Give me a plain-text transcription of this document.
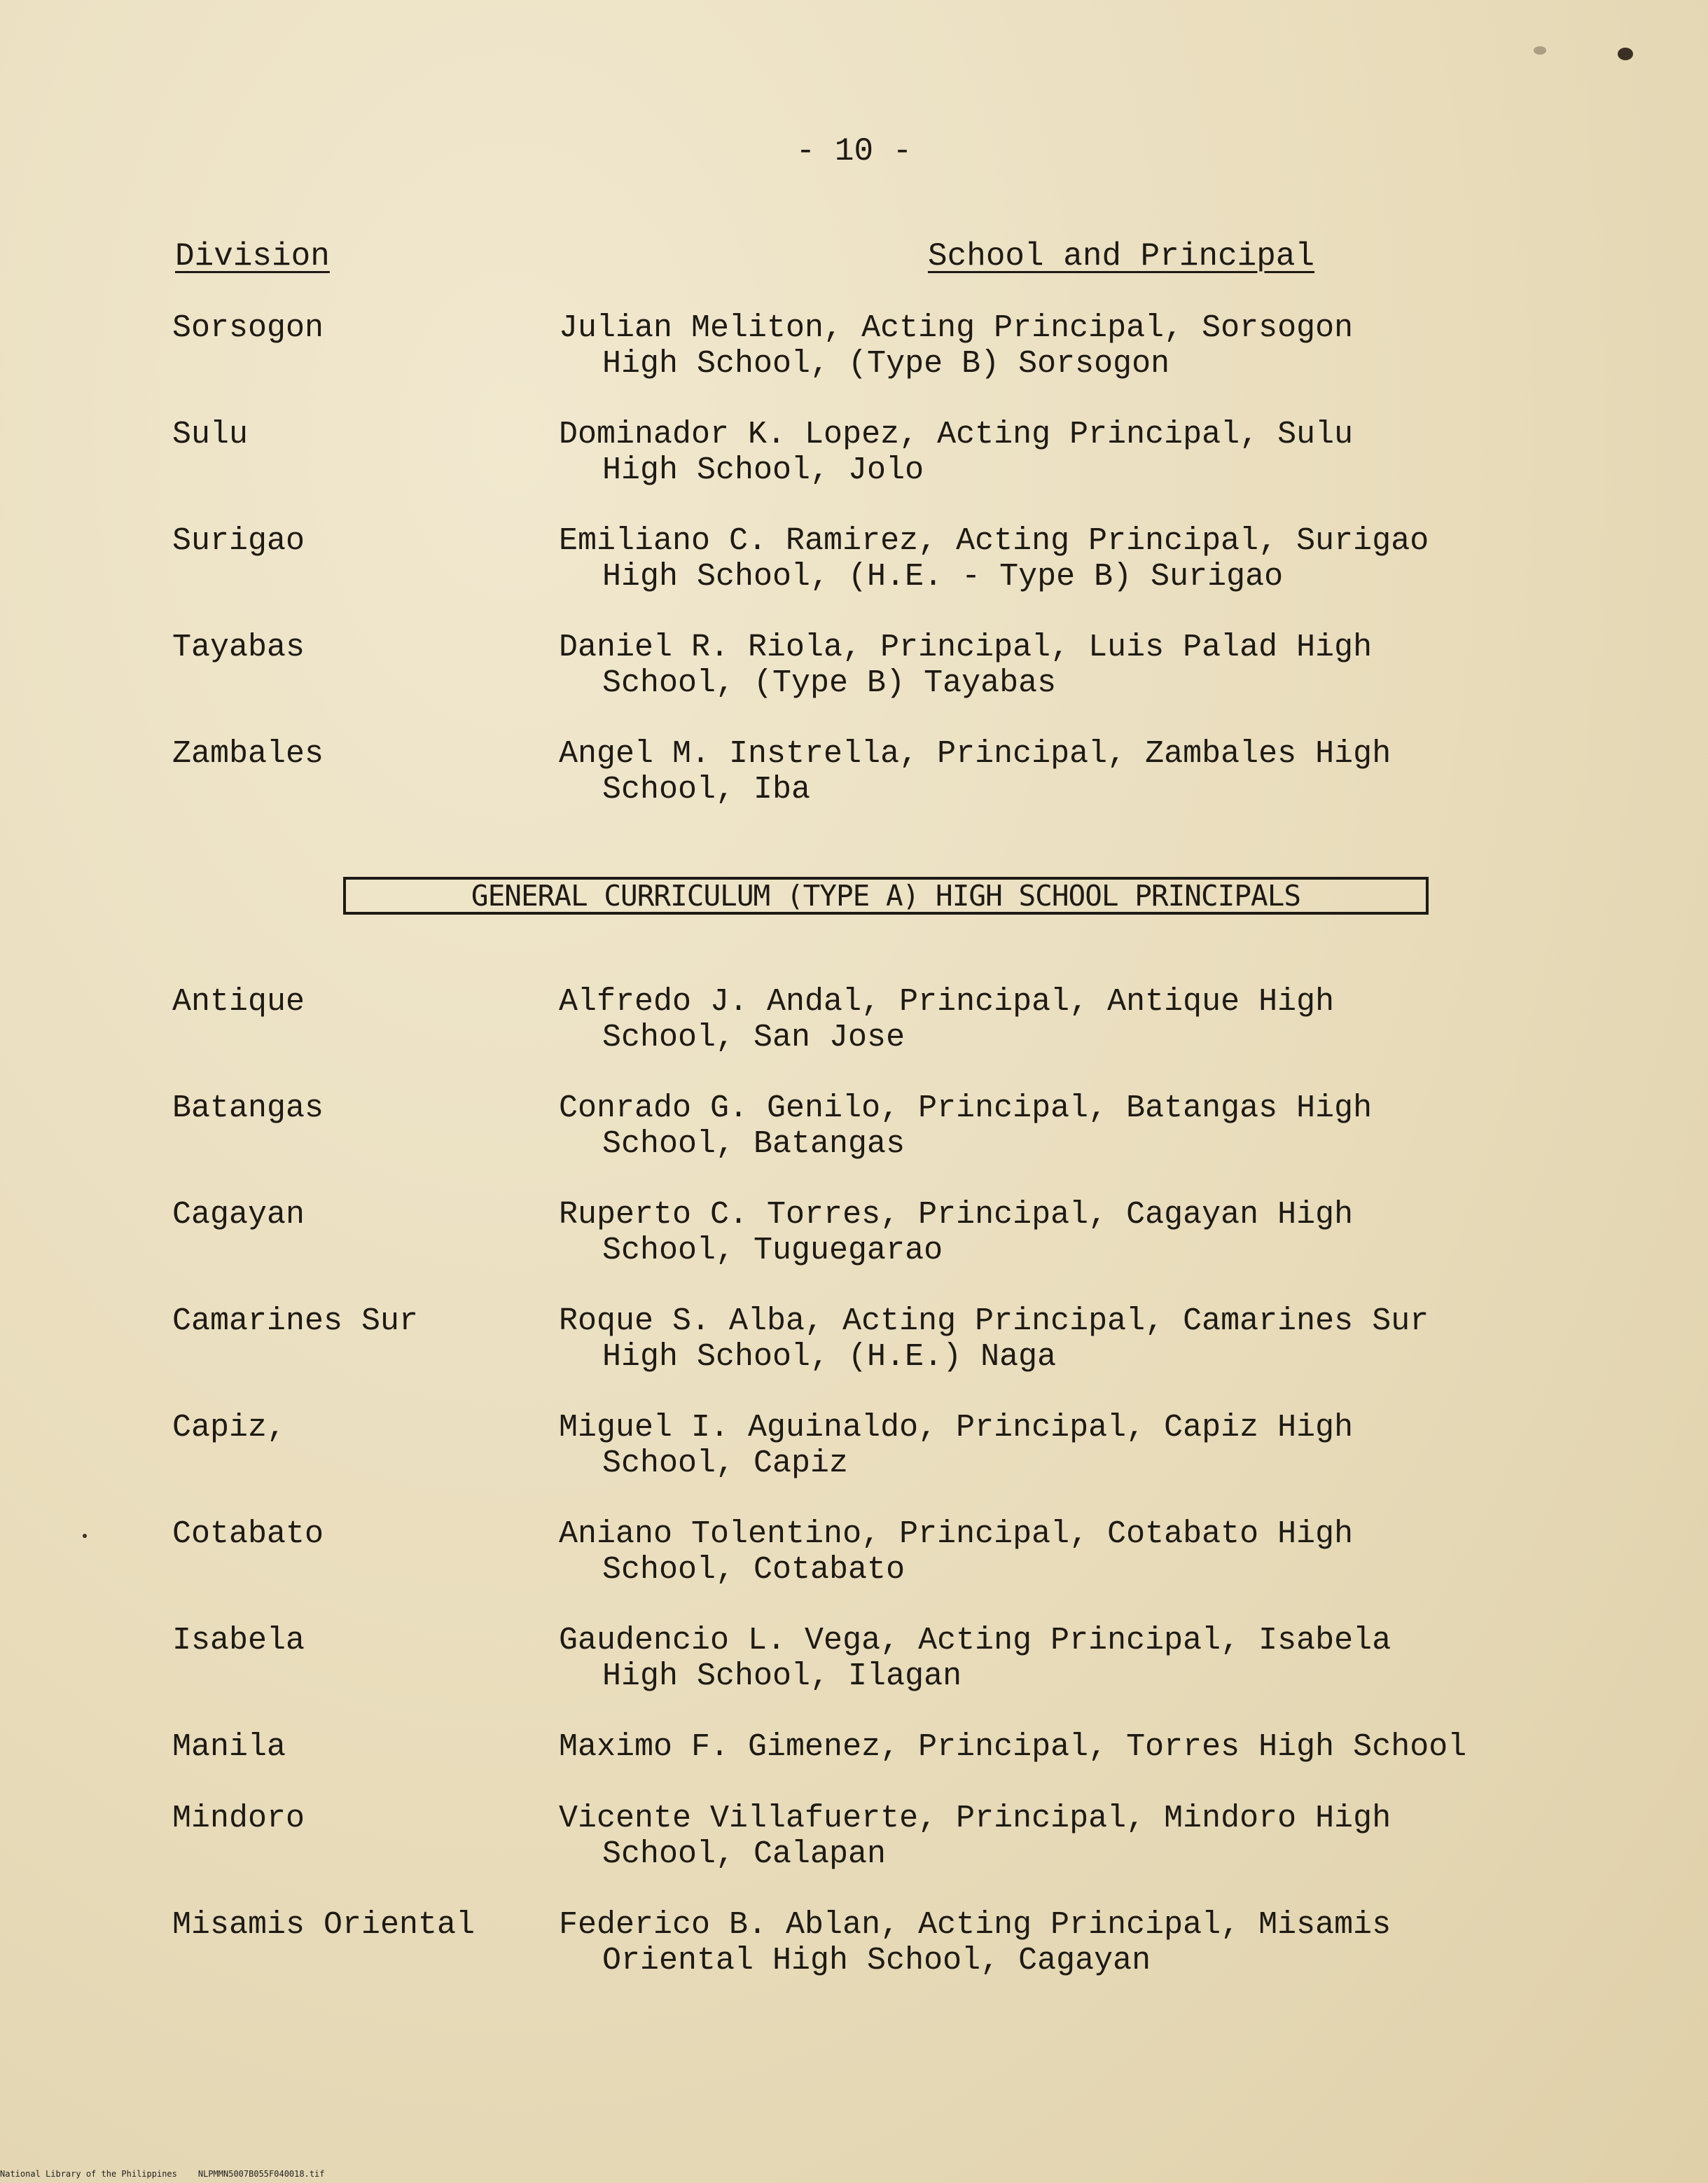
- 10 -
Division	School and Principal
Sorsogon	Julian Meliton, Acting Principal, Sorsogon
High School, (Type B) Sorsogon
Sulu	Dominador K. Lopez, Acting Principal, Sulu
High School, Jolo
Surigao	Emiliano C. Ramirez, Acting Principal, Surigao
High School, (H.E. - Type B) Surigao
Tayabas	Daniel R. Riola, Principal, Luis Palad High
School, (Type B) Tayabas
Zambales	Angel M. Instrella, Principal, Zambales High
School, Iba
GENERAL CURRICULUM (TYPE A) HIGH SCHOOL PRINCIPALS
Antique	Alfredo J. Andal, Principal, Antique High
School, San Jose
Batangas	Conrado G. Genilo, Principal, Batangas High
School, Batangas
Cagayan	Ruperto C. Torres, Principal, Cagayan High
School, Tuguegarao
Camarines Sur	Roque S. Alba, Acting Principal, Camarines Sur
High School, (H.E.) Naga
Capiz,	Miguel I. Aguinaldo, Principal, Capiz High
School, Capiz
Cotabato	Aniano Tolentino, Principal, Cotabato High
School, Cotabato
Isabela	Gaudencio L. Vega, Acting Principal, Isabela
High School, Ilagan
Manila	Maximo F. Gimenez, Principal, Torres High School
Mindoro	Vicente Villafuerte, Principal, Mindoro High
School, Calapan
Misamis Oriental	Federico B. Ablan, Acting Principal, Misamis
Oriental High School, Cagayan
National Library of the Philippines	NLPMMN5007B055F040018.tif
